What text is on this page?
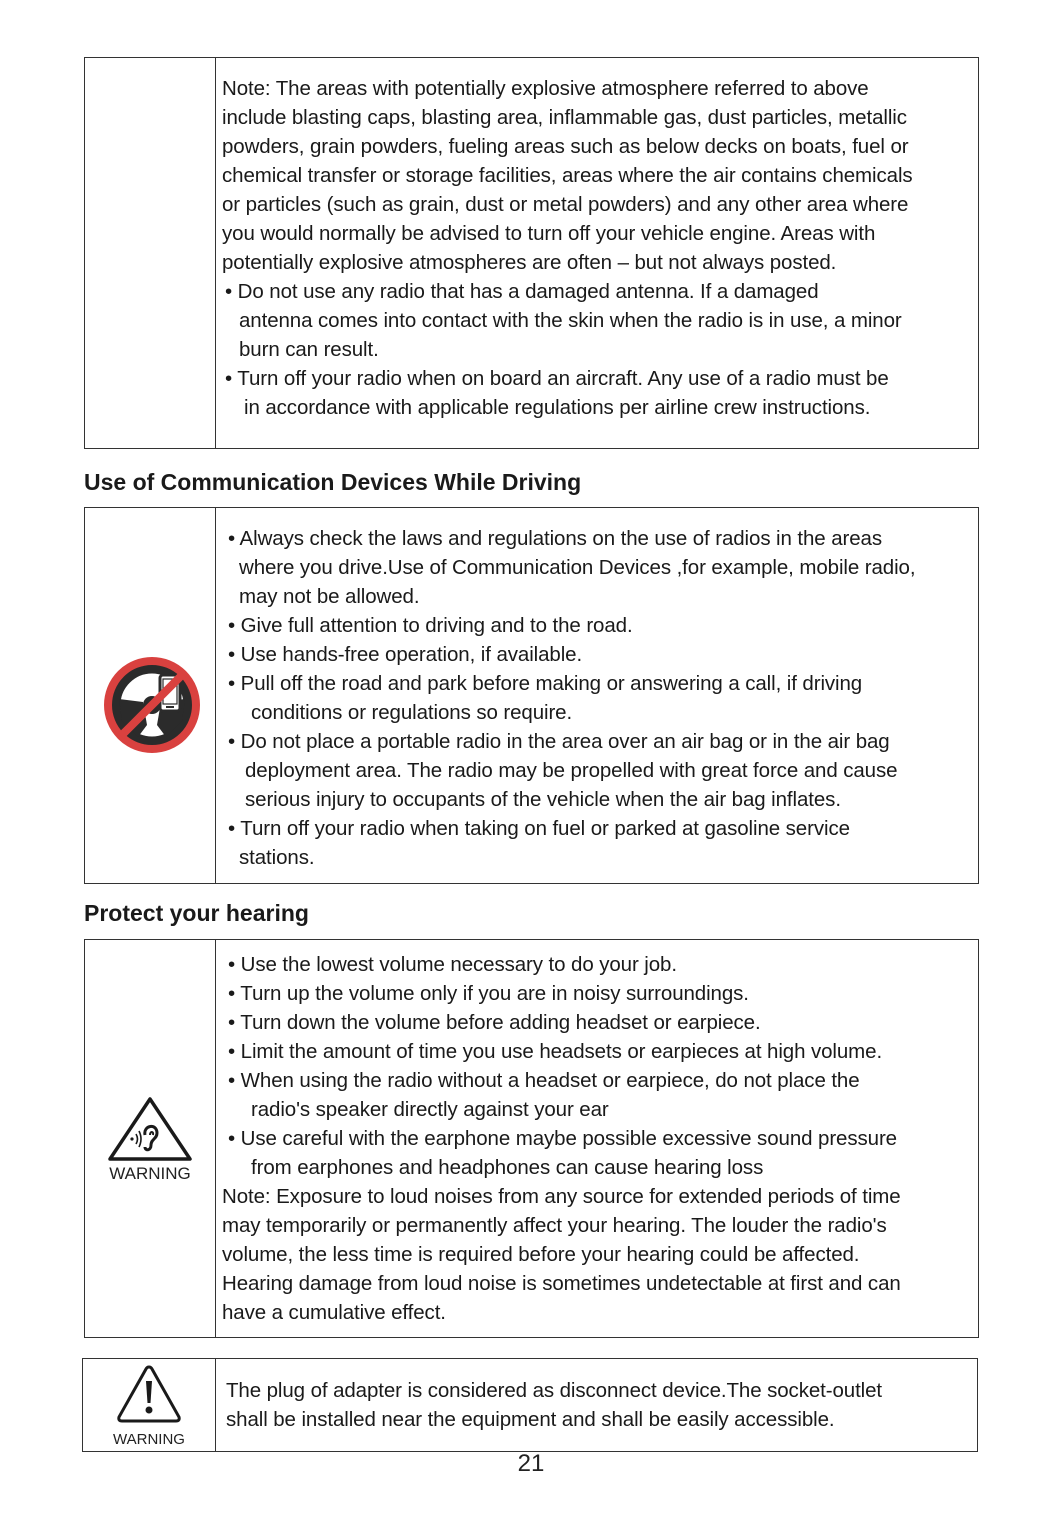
Note: The areas with potentially explosive atmosphere referred to above
include blasting caps, blasting area, inflammable gas, dust particles, metallic
powders, grain powders, fueling areas such as below decks on boats, fuel or
chemical transfer or storage facilities, areas where the air contains chemicals
or particles (such as grain, dust or metal powders) and any other area where
you would normally be advised to turn off your vehicle engine. Areas with
potentially explosive atmospheres are often – but not always posted.
• Do not use any radio that has a damaged antenna. If a damaged
antenna comes into contact with the skin when the radio is in use, a minor
burn can result.
• Turn off your radio when on board an aircraft. Any use of a radio must be
in accordance with applicable regulations per airline crew instructions.
Use of Communication Devices While Driving
• Always check the laws and regulations on the use of radios in the areas
where you drive.Use of Communication Devices ,for example, mobile radio,
may not be allowed.
• Give full attention to driving and to the road.
• Use hands-free operation, if available.
• Pull off the road and park before making or answering a call, if driving
conditions or regulations so require.
• Do not place a portable radio in the area over an air bag or in the air bag
deployment area. The radio may be propelled with great force and cause
serious injury to occupants of the vehicle when the air bag inflates.
• Turn off your radio when taking on fuel or parked at gasoline service
stations.
Protect your hearing
WARNING
• Use the lowest volume necessary to do your job.
• Turn up the volume only if you are in noisy surroundings.
• Turn down the volume before adding headset or earpiece.
• Limit the amount of time you use headsets or earpieces at high volume.
• When using the radio without a headset or earpiece, do not place the
radio's speaker directly against your ear
• Use careful with the earphone maybe possible excessive sound pressure
from earphones and headphones can cause hearing loss
Note: Exposure to loud noises from any source for extended periods of time
may temporarily or permanently affect your hearing. The louder the radio's
volume, the less time is required before your hearing could be affected.
Hearing damage from loud noise is sometimes undetectable at first and can
have a cumulative effect.
WARNING
The plug of adapter is considered as disconnect device.The socket-outlet
shall be installed near the equipment and shall be easily accessible.
21
